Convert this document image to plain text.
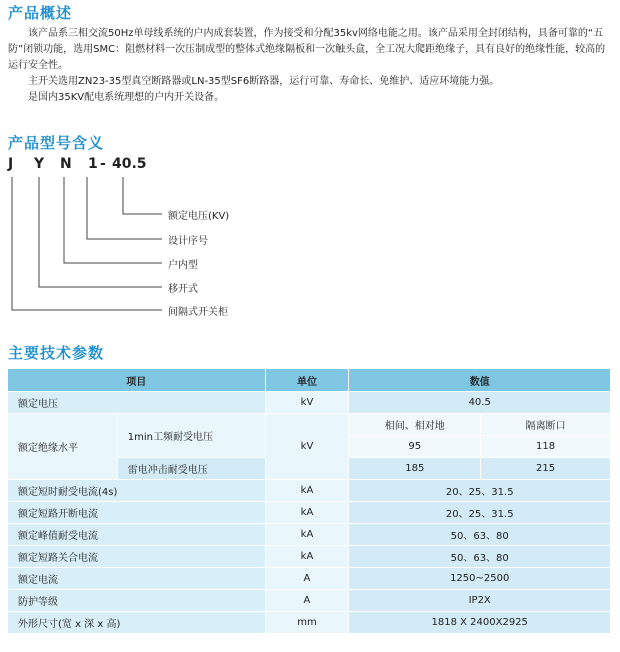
产品概述

该产品系三相交流50Hz单母线系统的户内成套装置，作为接受和分配35kv网络电能之用。该产品采用全封闭结构，具备可靠的“五防”闭锁功能，选用SMC：阻燃材料一次压制成型的整体式绝缘隔板和一次触头盒，全工况大爬距绝缘子，具有良好的绝缘性能，较高的运行安全性。

主开关选用ZN23-35型真空断路器或LN-35型SF6断路器，运行可靠、寿命长、免维护、适应环境能力强。

是国内35KV配电系统理想的户内开关设备。

产品型号含义
J Y N 1 - 40.5
额定电压(KV)
设计序号
户内型
移开式
间隔式开关柜
主要技术参数
项目		单位	数值	
额定电压		kV	40.5	
额定绝缘水平	1min工频耐受电压	kV	相间、相对地	隔离断口
			95	118
	雷电冲击耐受电压		185	215
额定短时耐受电流(4s)		kA	20、25、31.5	
额定短路开断电流		kA	20、25、31.5	
额定峰值耐受电流		kA	50、63、80	
额定短路关合电流		kA	50、63、80	
额定电流		A	1250~2500	
防护等级		A	IP2X	
外形尺寸(宽 x 深 x 高)		mm	1818 X 2400X2925	
